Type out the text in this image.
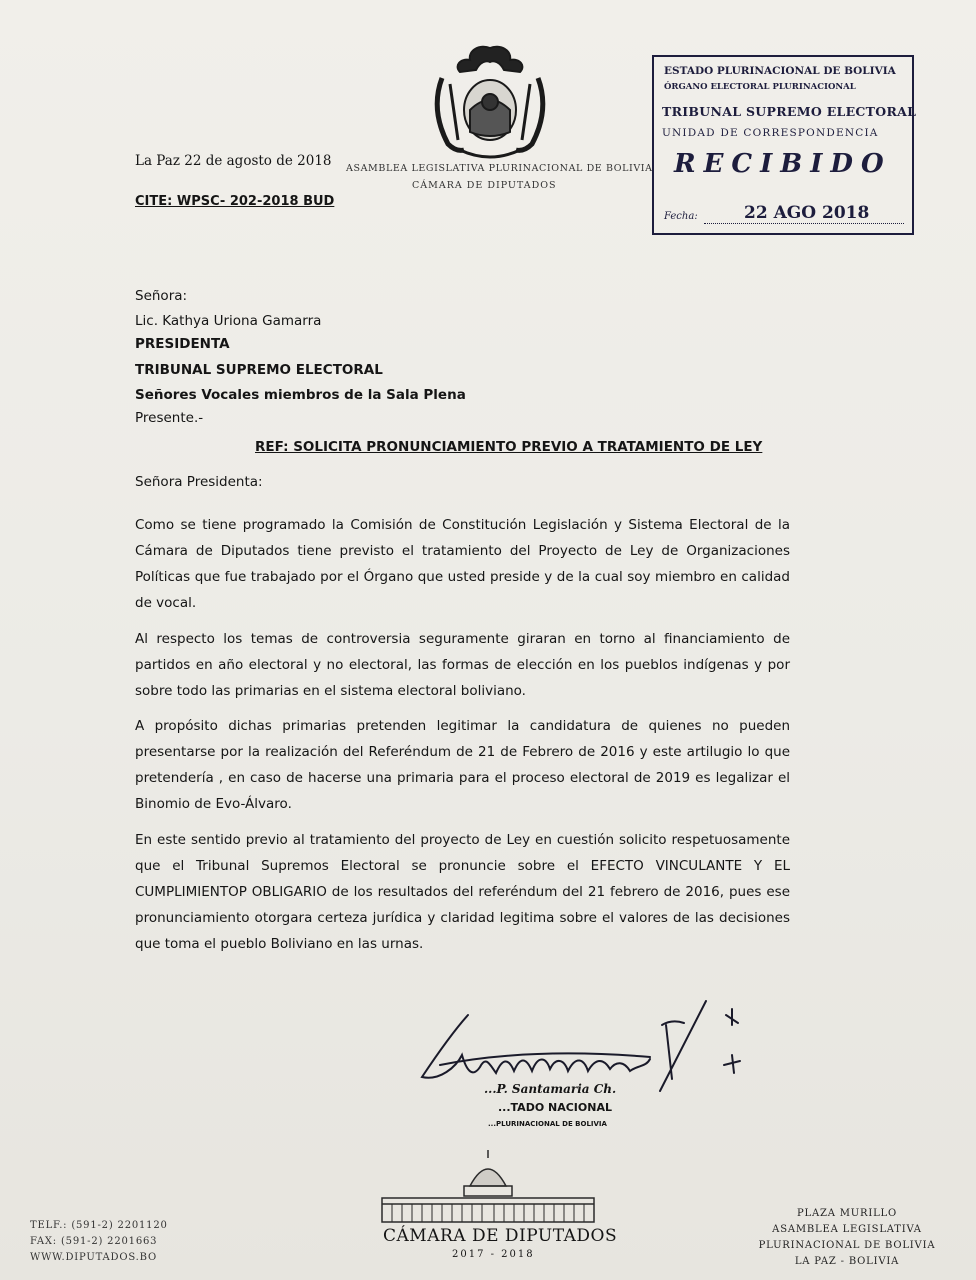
ASAMBLEA LEGISLATIVA PLURINACIONAL DE BOLIVIA
CÁMARA DE DIPUTADOS
La Paz 22 de agosto de 2018
CITE: WPSC- 202-2018 BUD
ESTADO PLURINACIONAL DE BOLIVIA
ÓRGANO ELECTORAL PLURINACIONAL
TRIBUNAL SUPREMO ELECTORAL
UNIDAD DE CORRESPONDENCIA
RECIBIDO
Fecha:	22 AGO 2018
Señora:
Lic. Kathya Uriona Gamarra
PRESIDENTA
TRIBUNAL SUPREMO ELECTORAL
Señores Vocales miembros de la Sala Plena
Presente.-
REF: SOLICITA PRONUNCIAMIENTO PREVIO A TRATAMIENTO DE LEY
Señora Presidenta:
Como se tiene programado la Comisión de Constitución Legislación y Sistema Electoral de la Cámara de Diputados tiene previsto el tratamiento del Proyecto de Ley de Organizaciones Políticas que fue trabajado por el Órgano que usted preside y de la cual soy miembro en calidad de vocal.
Al respecto los temas de controversia seguramente giraran en torno al financiamiento de partidos en año electoral y no electoral, las formas de elección en los pueblos indígenas y por sobre todo las primarias en el sistema electoral boliviano.
A propósito dichas primarias pretenden legitimar la candidatura de quienes no pueden presentarse por la realización del Referéndum de 21 de Febrero de 2016 y este artilugio lo que pretendería , en caso de hacerse una primaria para el proceso electoral de 2019 es legalizar el Binomio de Evo-Álvaro.
En este sentido previo al tratamiento del proyecto de Ley en cuestión solicito respetuosamente que el Tribunal Supremos Electoral se pronuncie sobre el EFECTO VINCULANTE Y EL CUMPLIMIENTOP OBLIGARIO de los resultados del referéndum del 21 febrero de 2016, pues ese pronunciamiento otorgara certeza jurídica y claridad legitima sobre el valores de las decisiones que toma el pueblo Boliviano en las urnas.
...P. Santamaria Ch.
...TADO NACIONAL
...PLURINACIONAL DE BOLIVIA
CÁMARA DE DIPUTADOS
2017 - 2018
TELF.: (591-2) 2201120
FAX: (591-2) 2201663
WWW.DIPUTADOS.BO
PLAZA MURILLO
ASAMBLEA LEGISLATIVA
PLURINACIONAL DE BOLIVIA
LA PAZ - BOLIVIA
